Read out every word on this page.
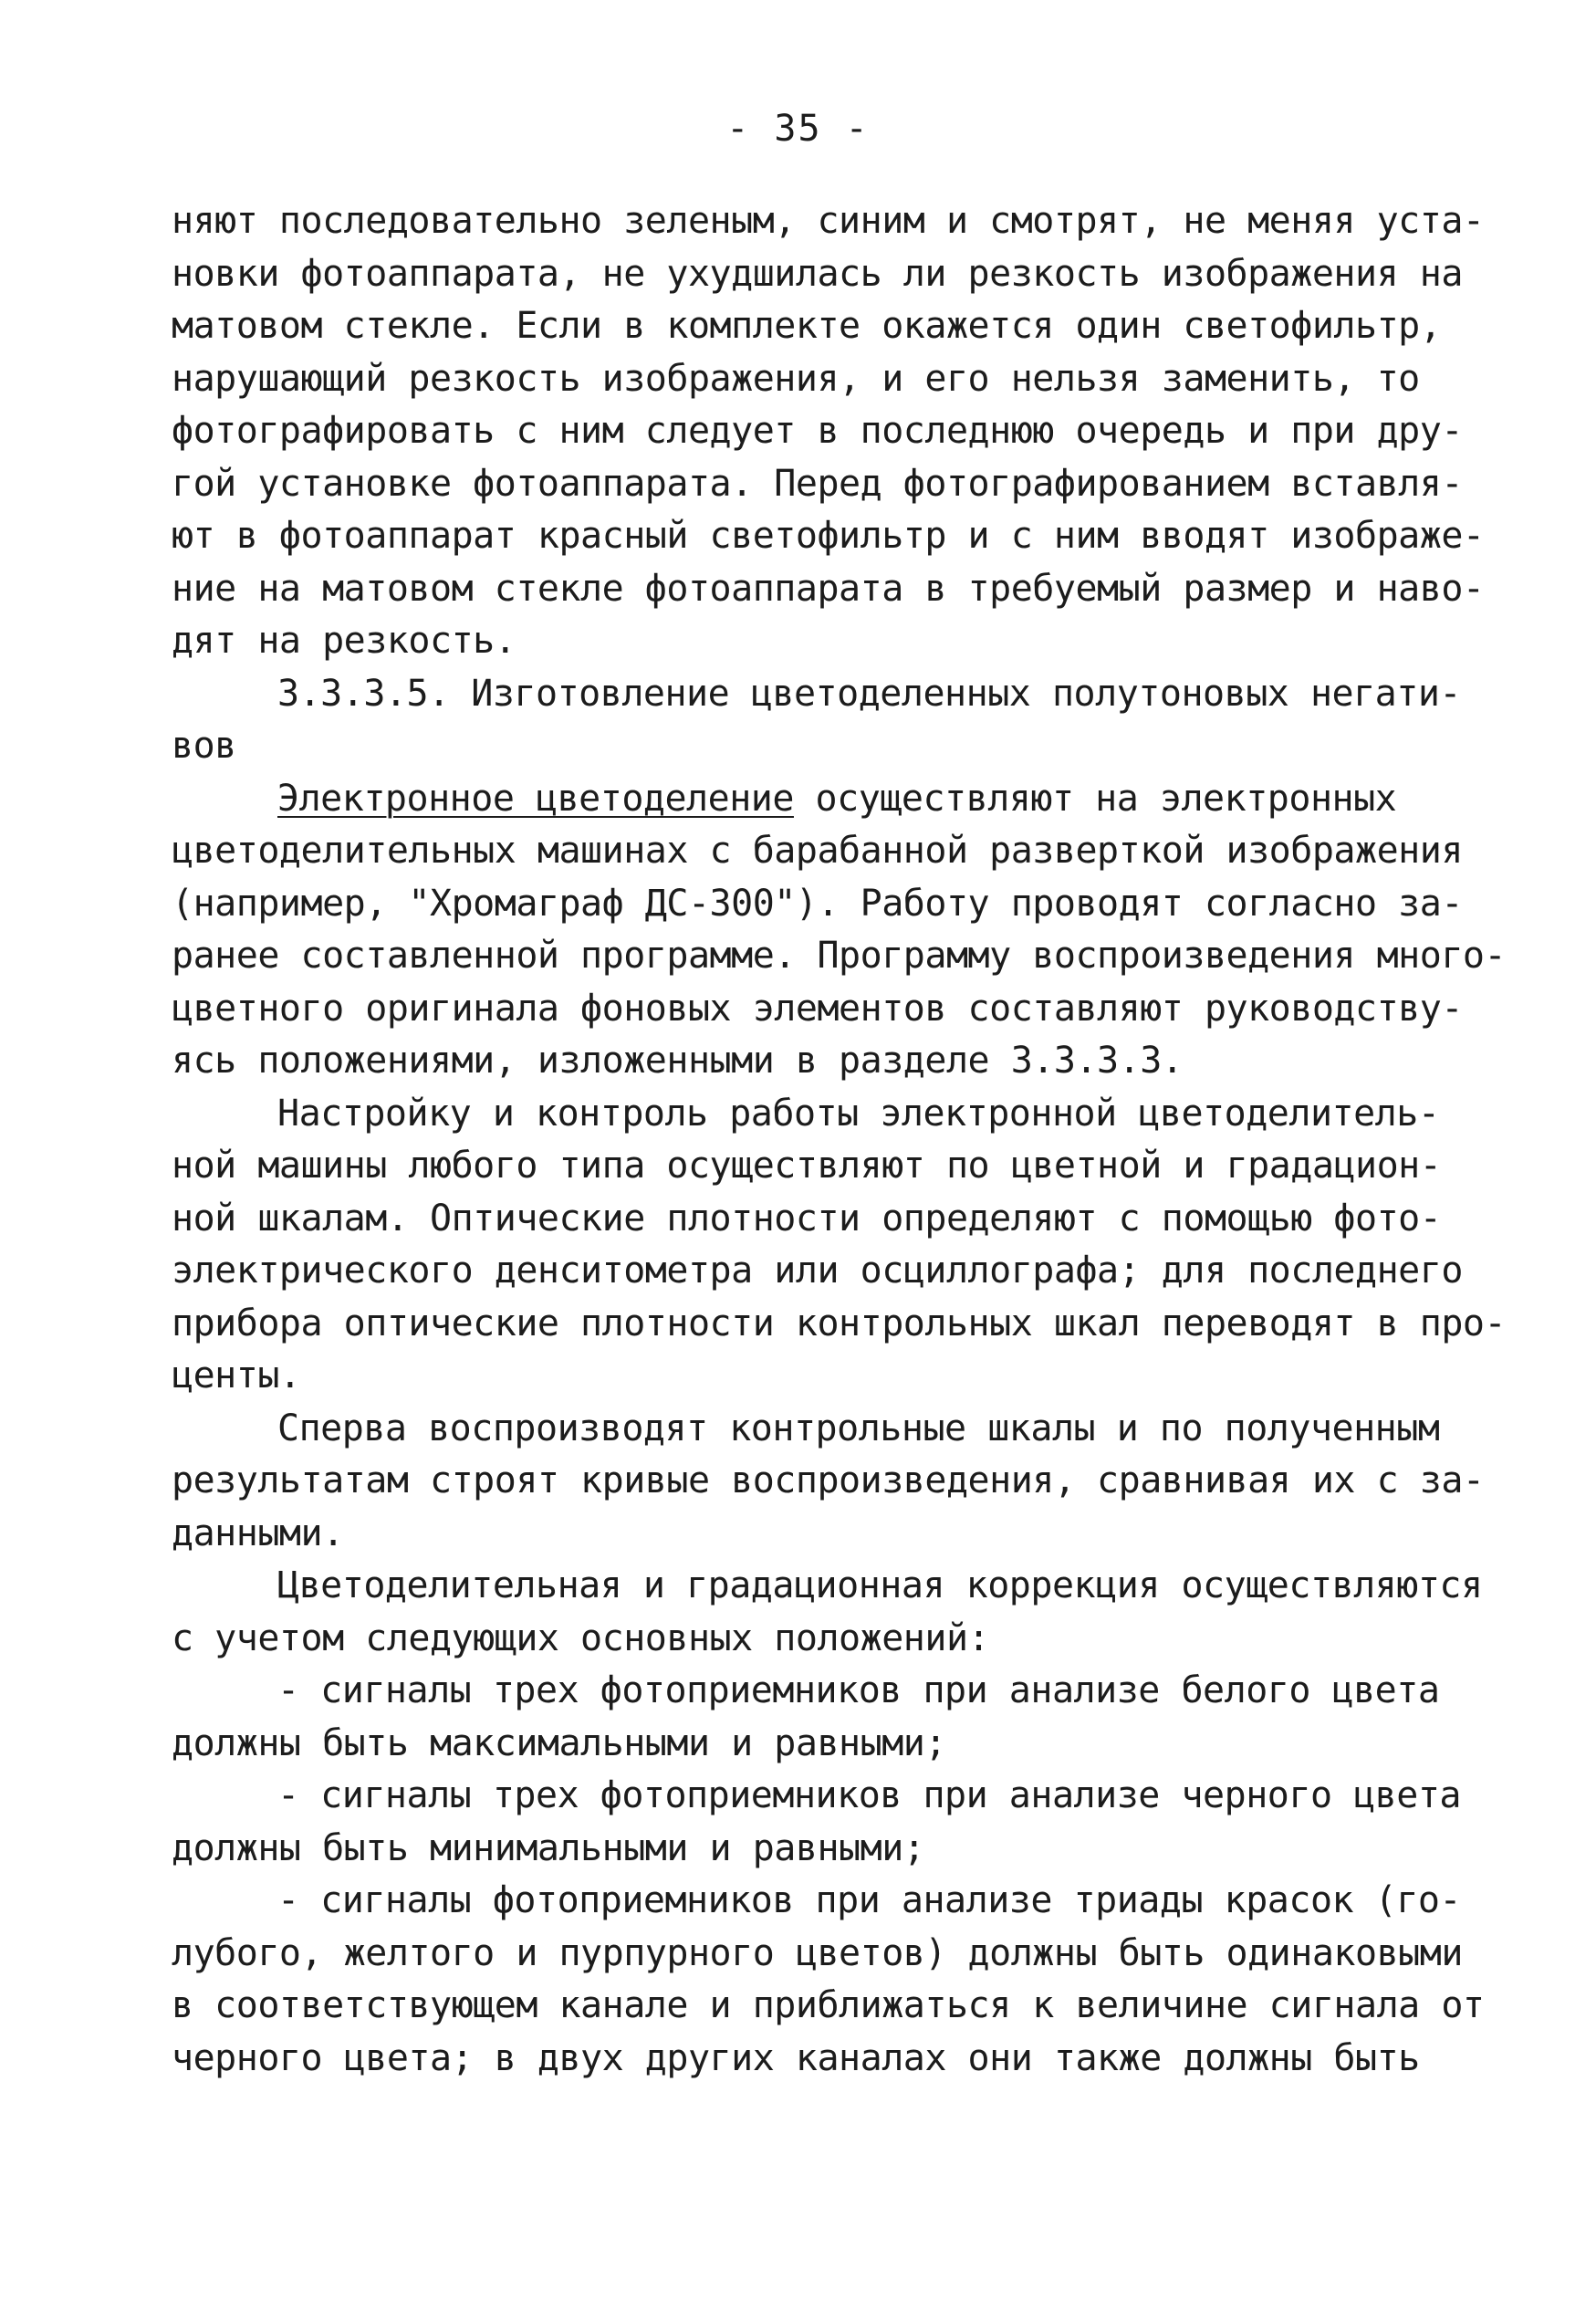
- 35 -
няют последовательно зеленым, синим и смотрят, не меняя уста-
новки фотоаппарата, не ухудшилась ли резкость изображения на
матовом стекле. Если в комплекте окажется один светофильтр,
нарушающий резкость изображения, и его нельзя заменить, то
фотографировать с ним следует в последнюю очередь и при дру-
гой установке фотоаппарата. Перед фотографированием вставля-
ют в фотоаппарат красный светофильтр и с ним вводят изображе-
ние на матовом стекле фотоаппарата в требуемый размер и наво-
дят на резкость.
3.3.3.5. Изготовление цветоделенных полутоновых негати-
вов
Электронное цветоделение осуществляют на электронных
цветоделительных машинах с барабанной разверткой изображения
(например, "Хромаграф ДС-300"). Работу проводят согласно за-
ранее составленной программе. Программу воспроизведения много-
цветного оригинала фоновых элементов составляют руководству-
ясь положениями, изложенными в разделе 3.3.3.3.
Настройку и контроль работы электронной цветоделитель-
ной машины любого типа осуществляют по цветной и градацион-
ной шкалам. Оптические плотности определяют с помощью фото-
электрического денситометра или осциллографа; для последнего
прибора оптические плотности контрольных шкал переводят в про-
центы.
Сперва воспроизводят контрольные шкалы и по полученным
результатам строят кривые воспроизведения, сравнивая их с за-
данными.
Цветоделительная и градационная коррекция осуществляются
с учетом следующих основных положений:
- сигналы трех фотоприемников при анализе белого цвета
должны быть максимальными и равными;
- сигналы трех фотоприемников при анализе черного цвета
должны быть минимальными и равными;
- сигналы фотоприемников при анализе триады красок (го-
лубого, желтого и пурпурного цветов) должны быть одинаковыми
в соответствующем канале и приближаться к величине сигнала от
черного цвета; в двух других каналах они также должны быть
